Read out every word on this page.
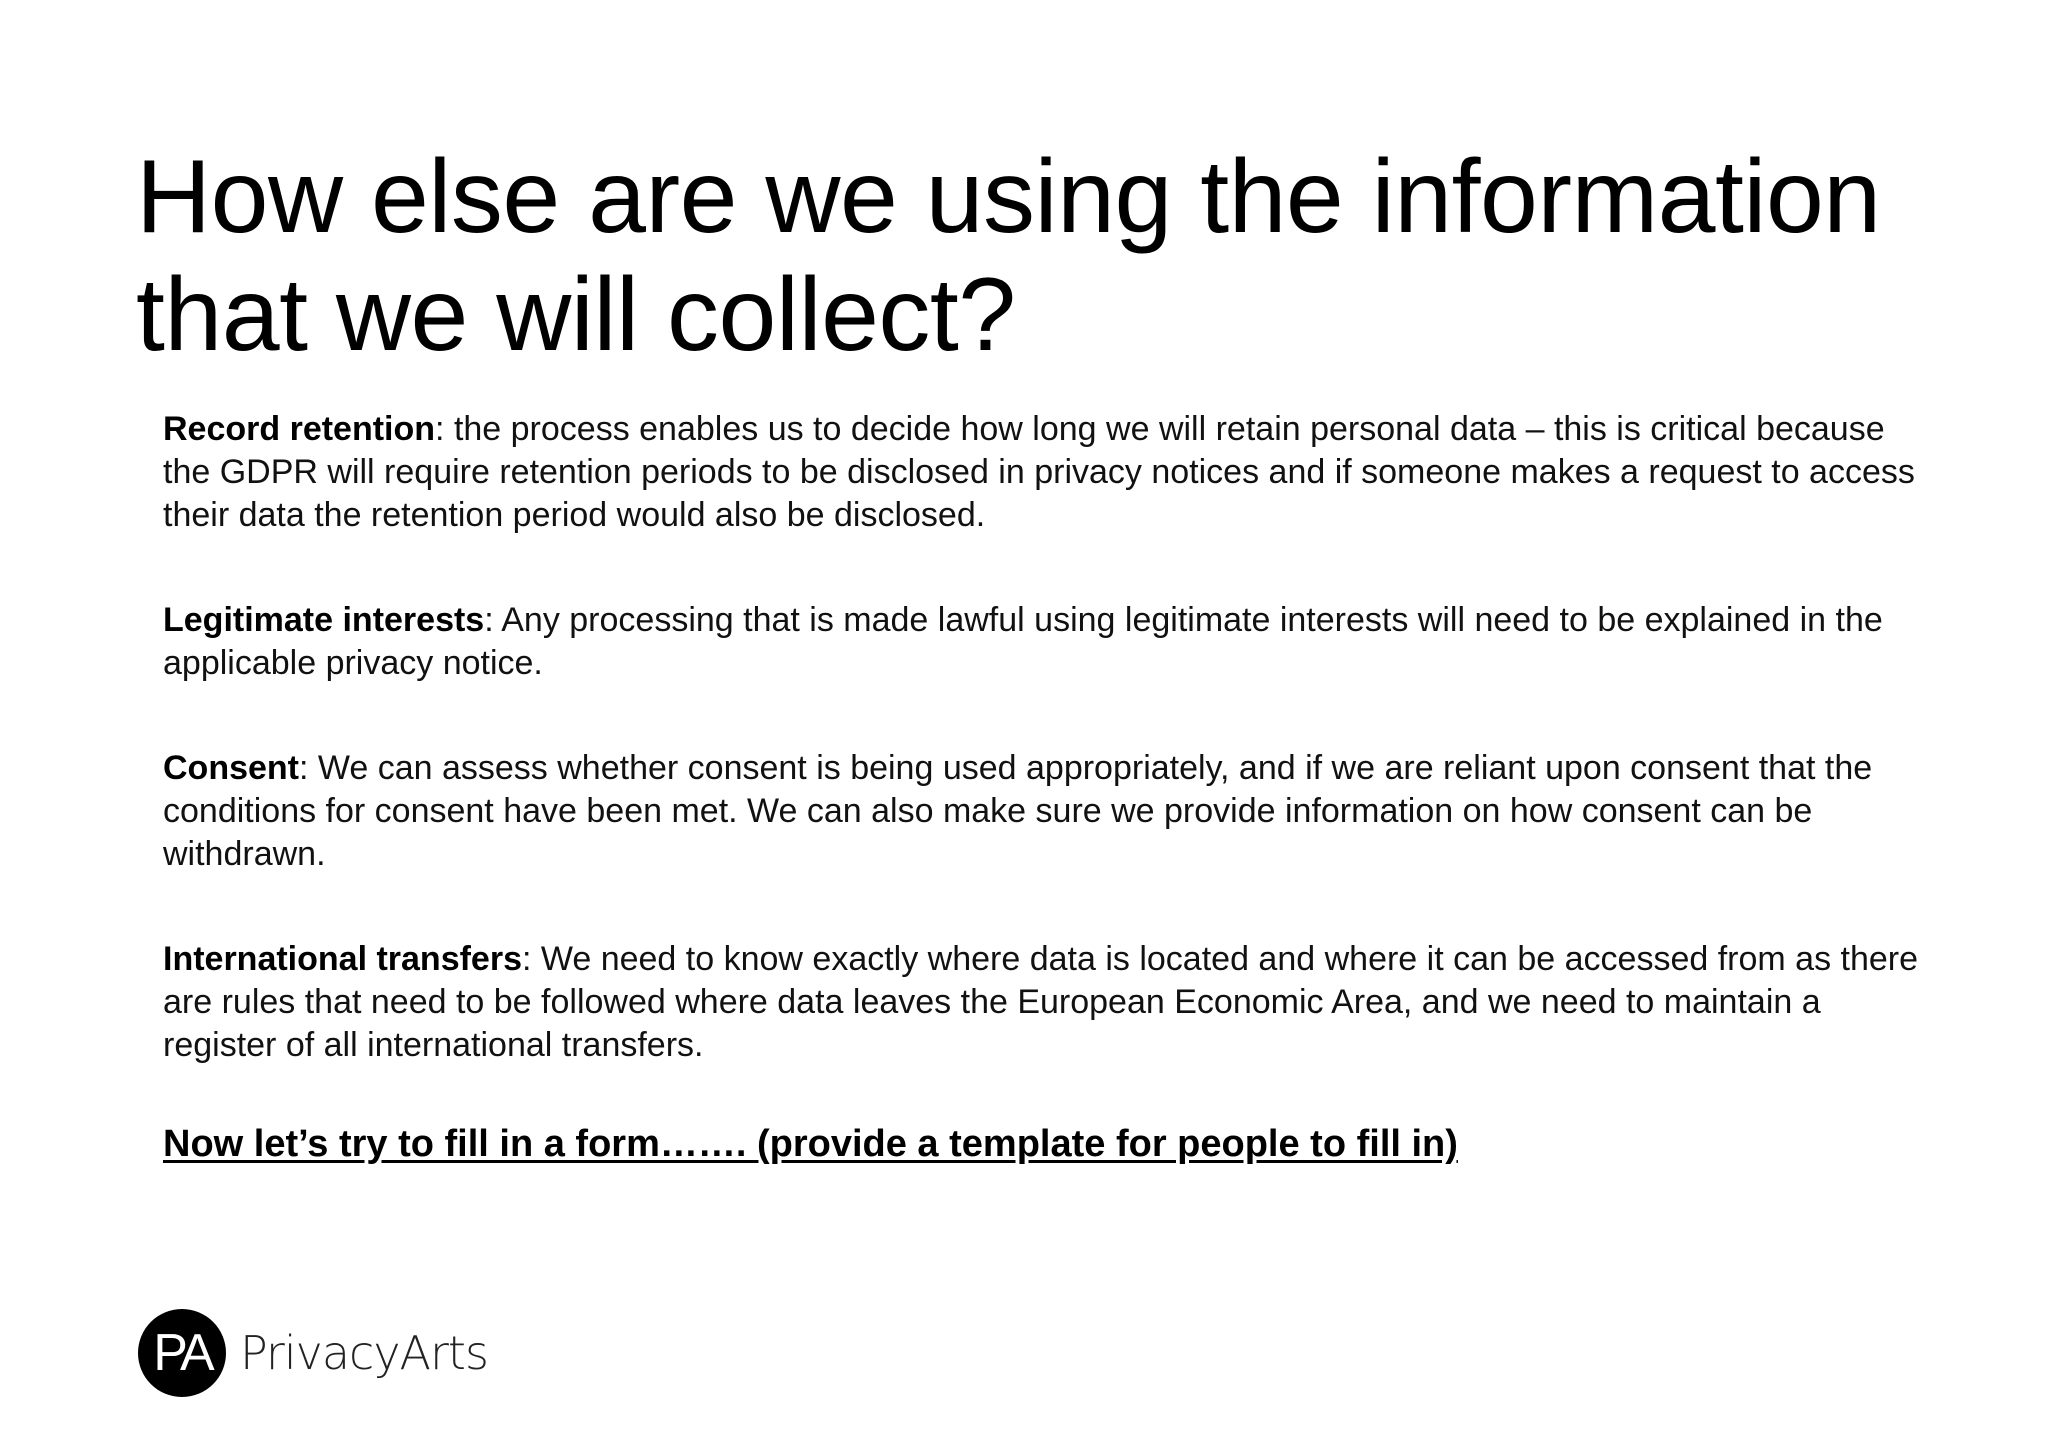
How else are we using the information that we will collect?

Record retention: the process enables us to decide how long we will retain personal data – this is critical because the GDPR will require retention periods to be disclosed in privacy notices and if someone makes a request to access their data the retention period would also be disclosed.

Legitimate interests: Any processing that is made lawful using legitimate interests will need to be explained in the applicable privacy notice.

Consent: We can assess whether consent is being used appropriately, and if we are reliant upon consent that the conditions for consent have been met. We can also make sure we provide information on how consent can be withdrawn.

International transfers: We need to know exactly where data is located and where it can be accessed from as there are rules that need to be followed where data leaves the European Economic Area, and we need to maintain a register of all international transfers.

Now let’s try to fill in a form……. (provide a template for people to fill in)
PA PrivacyArts
